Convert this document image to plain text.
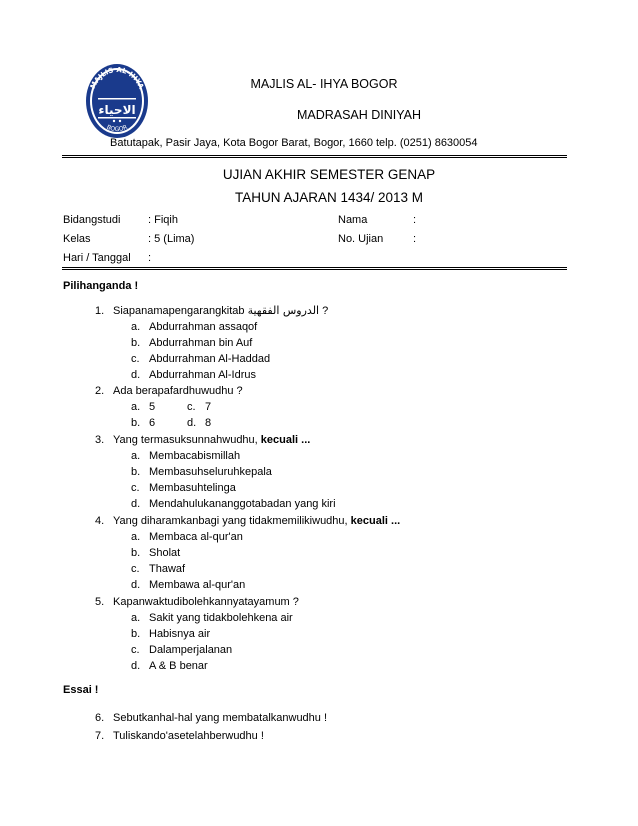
MAJLIS AL-IHYA
الاحياء
BOGOR
MAJLIS AL- IHYA BOGOR
MADRASAH DINIYAH
Batutapak, Pasir Jaya, Kota Bogor Barat, Bogor, 1660 telp. (0251) 8630054
UJIAN AKHIR SEMESTER GENAP
TAHUN AJARAN 1434/ 2013 M
Bidangstudi	: Fiqih	Nama	:
Kelas	: 5 (Lima)	No. Ujian	:
Hari / Tanggal :
Pilihanganda !
1. Siapanamapengarangkitab الدروس الفقهية ?
a. Abdurrahman assaqof
b. Abdurrahman bin Auf
c. Abdurrahman Al-Haddad
d. Abdurrahman Al-Idrus
2. Ada berapafardhuwudhu ?
a. 5	c. 7
b. 6	d. 8
3. Yang termasuksunnahwudhu, kecuali ...
a. Membacabismillah
b. Membasuhseluruhkepala
c. Membasuhtelinga
d. Mendahulukananggotabadan yang kiri
4. Yang diharamkanbagi yang tidakmemilikiwudhu, kecuali ...
a. Membaca al-qur'an
b. Sholat
c. Thawaf
d. Membawa al-qur'an
5. Kapanwaktudibolehkannyatayamum ?
a. Sakit yang tidakbolehkena air
b. Habisnya air
c. Dalamperjalanan
d. A & B benar
Essai !
6. Sebutkanhal-hal yang membatalkanwudhu !
7. Tuliskando'asetelahberwudhu !
